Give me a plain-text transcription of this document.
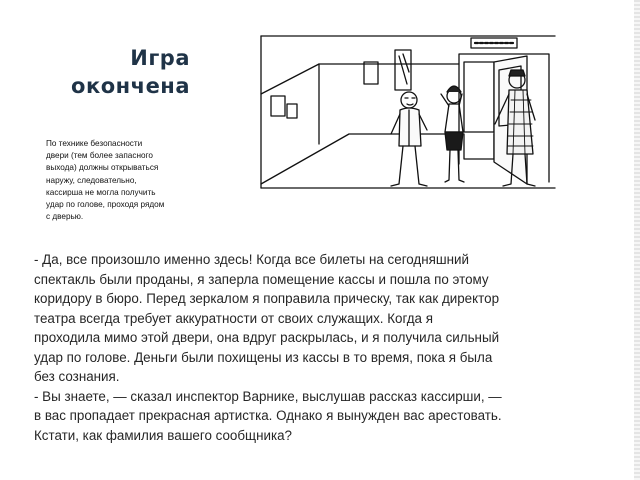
Игра
окончена
По технике безопасности
двери (тем более запасного
выхода) должны открываться
наружу, следовательно,
кассирша не могла получить
удар по голове, проходя рядом
с дверью.
- Да, все произошло именно здесь! Когда все билеты на сегодняшний
спектакль были проданы, я заперла помещение кассы и пошла по этому
коридору в бюро. Перед зеркалом я поправила прическу, так как директор
театра всегда требует аккуратности от своих служащих. Когда я
проходила мимо этой двери, она вдруг раскрылась, и я получила сильный
удар по голове. Деньги были похищены из кассы в то время, пока я была
без сознания.
- Вы знаете, — сказал инспектор Варнике, выслушав рассказ кассирши, —
в вас пропадает прекрасная артистка. Однако я вынужден вас арестовать.
Кстати, как фамилия вашего сообщника?
